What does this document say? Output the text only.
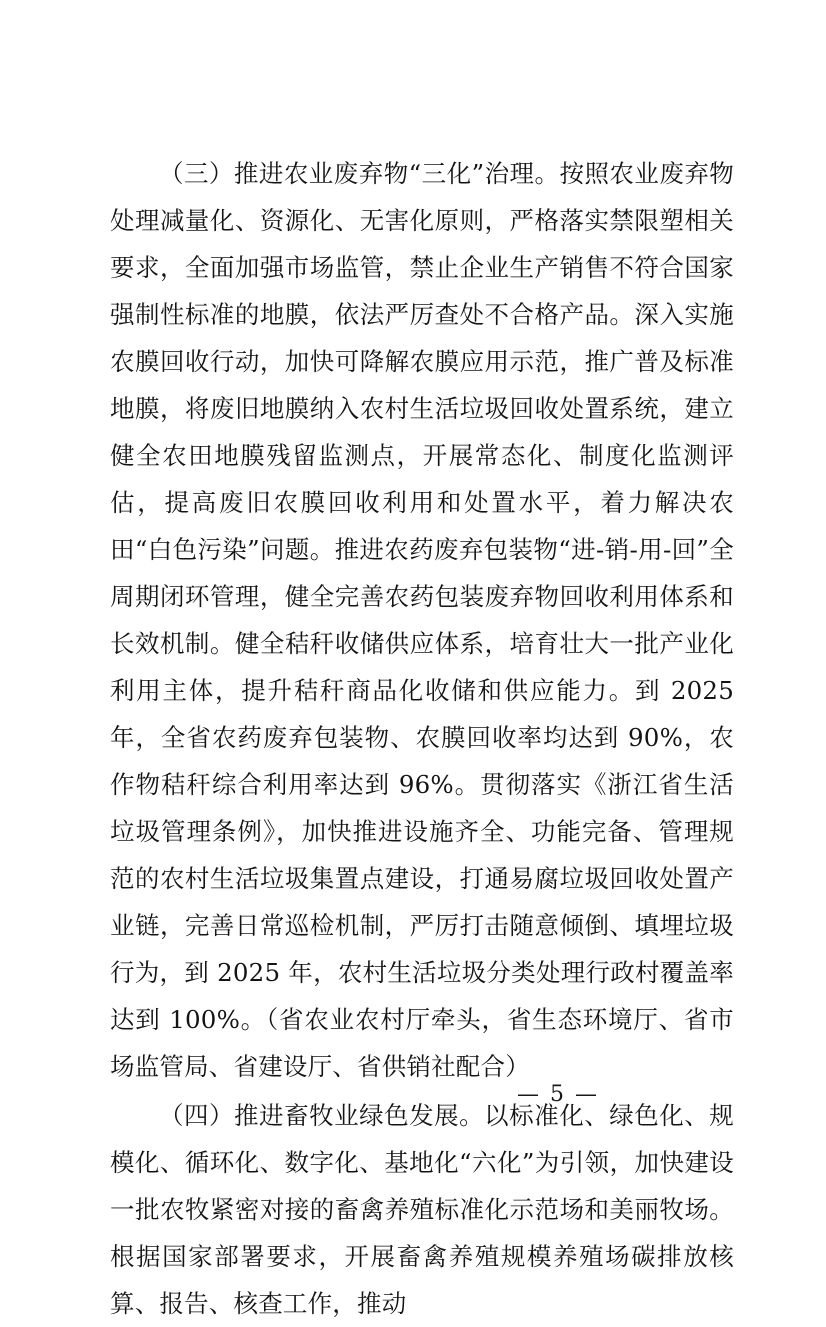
（三）推进农业废弃物“三化”治理。按照农业废弃物处理减量化、资源化、无害化原则，严格落实禁限塑相关要求，全面加强市场监管，禁止企业生产销售不符合国家强制性标准的地膜，依法严厉查处不合格产品。深入实施农膜回收行动，加快可降解农膜应用示范，推广普及标准地膜，将废旧地膜纳入农村生活垃圾回收处置系统，建立健全农田地膜残留监测点，开展常态化、制度化监测评估，提高废旧农膜回收利用和处置水平，着力解决农田“白色污染”问题。推进农药废弃包装物“进-销-用-回”全周期闭环管理，健全完善农药包装废弃物回收利用体系和长效机制。健全秸秆收储供应体系，培育壮大一批产业化利用主体，提升秸秆商品化收储和供应能力。到 2025 年，全省农药废弃包装物、农膜回收率均达到 90%，农作物秸秆综合利用率达到 96%。贯彻落实《浙江省生活垃圾管理条例》，加快推进设施齐全、功能完备、管理规范的农村生活垃圾集置点建设，打通易腐垃圾回收处置产业链，完善日常巡检机制，严厉打击随意倾倒、填埋垃圾行为，到 2025 年，农村生活垃圾分类处理行政村覆盖率达到 100%。（省农业农村厅牵头，省生态环境厅、省市场监管局、省建设厅、省供销社配合）

（四）推进畜牧业绿色发展。以标准化、绿色化、规模化、循环化、数字化、基地化“六化”为引领，加快建设一批农牧紧密对接的畜禽养殖标准化示范场和美丽牧场。根据国家部署要求，开展畜禽养殖规模养殖场碳排放核算、报告、核查工作，推动

— 5 —
